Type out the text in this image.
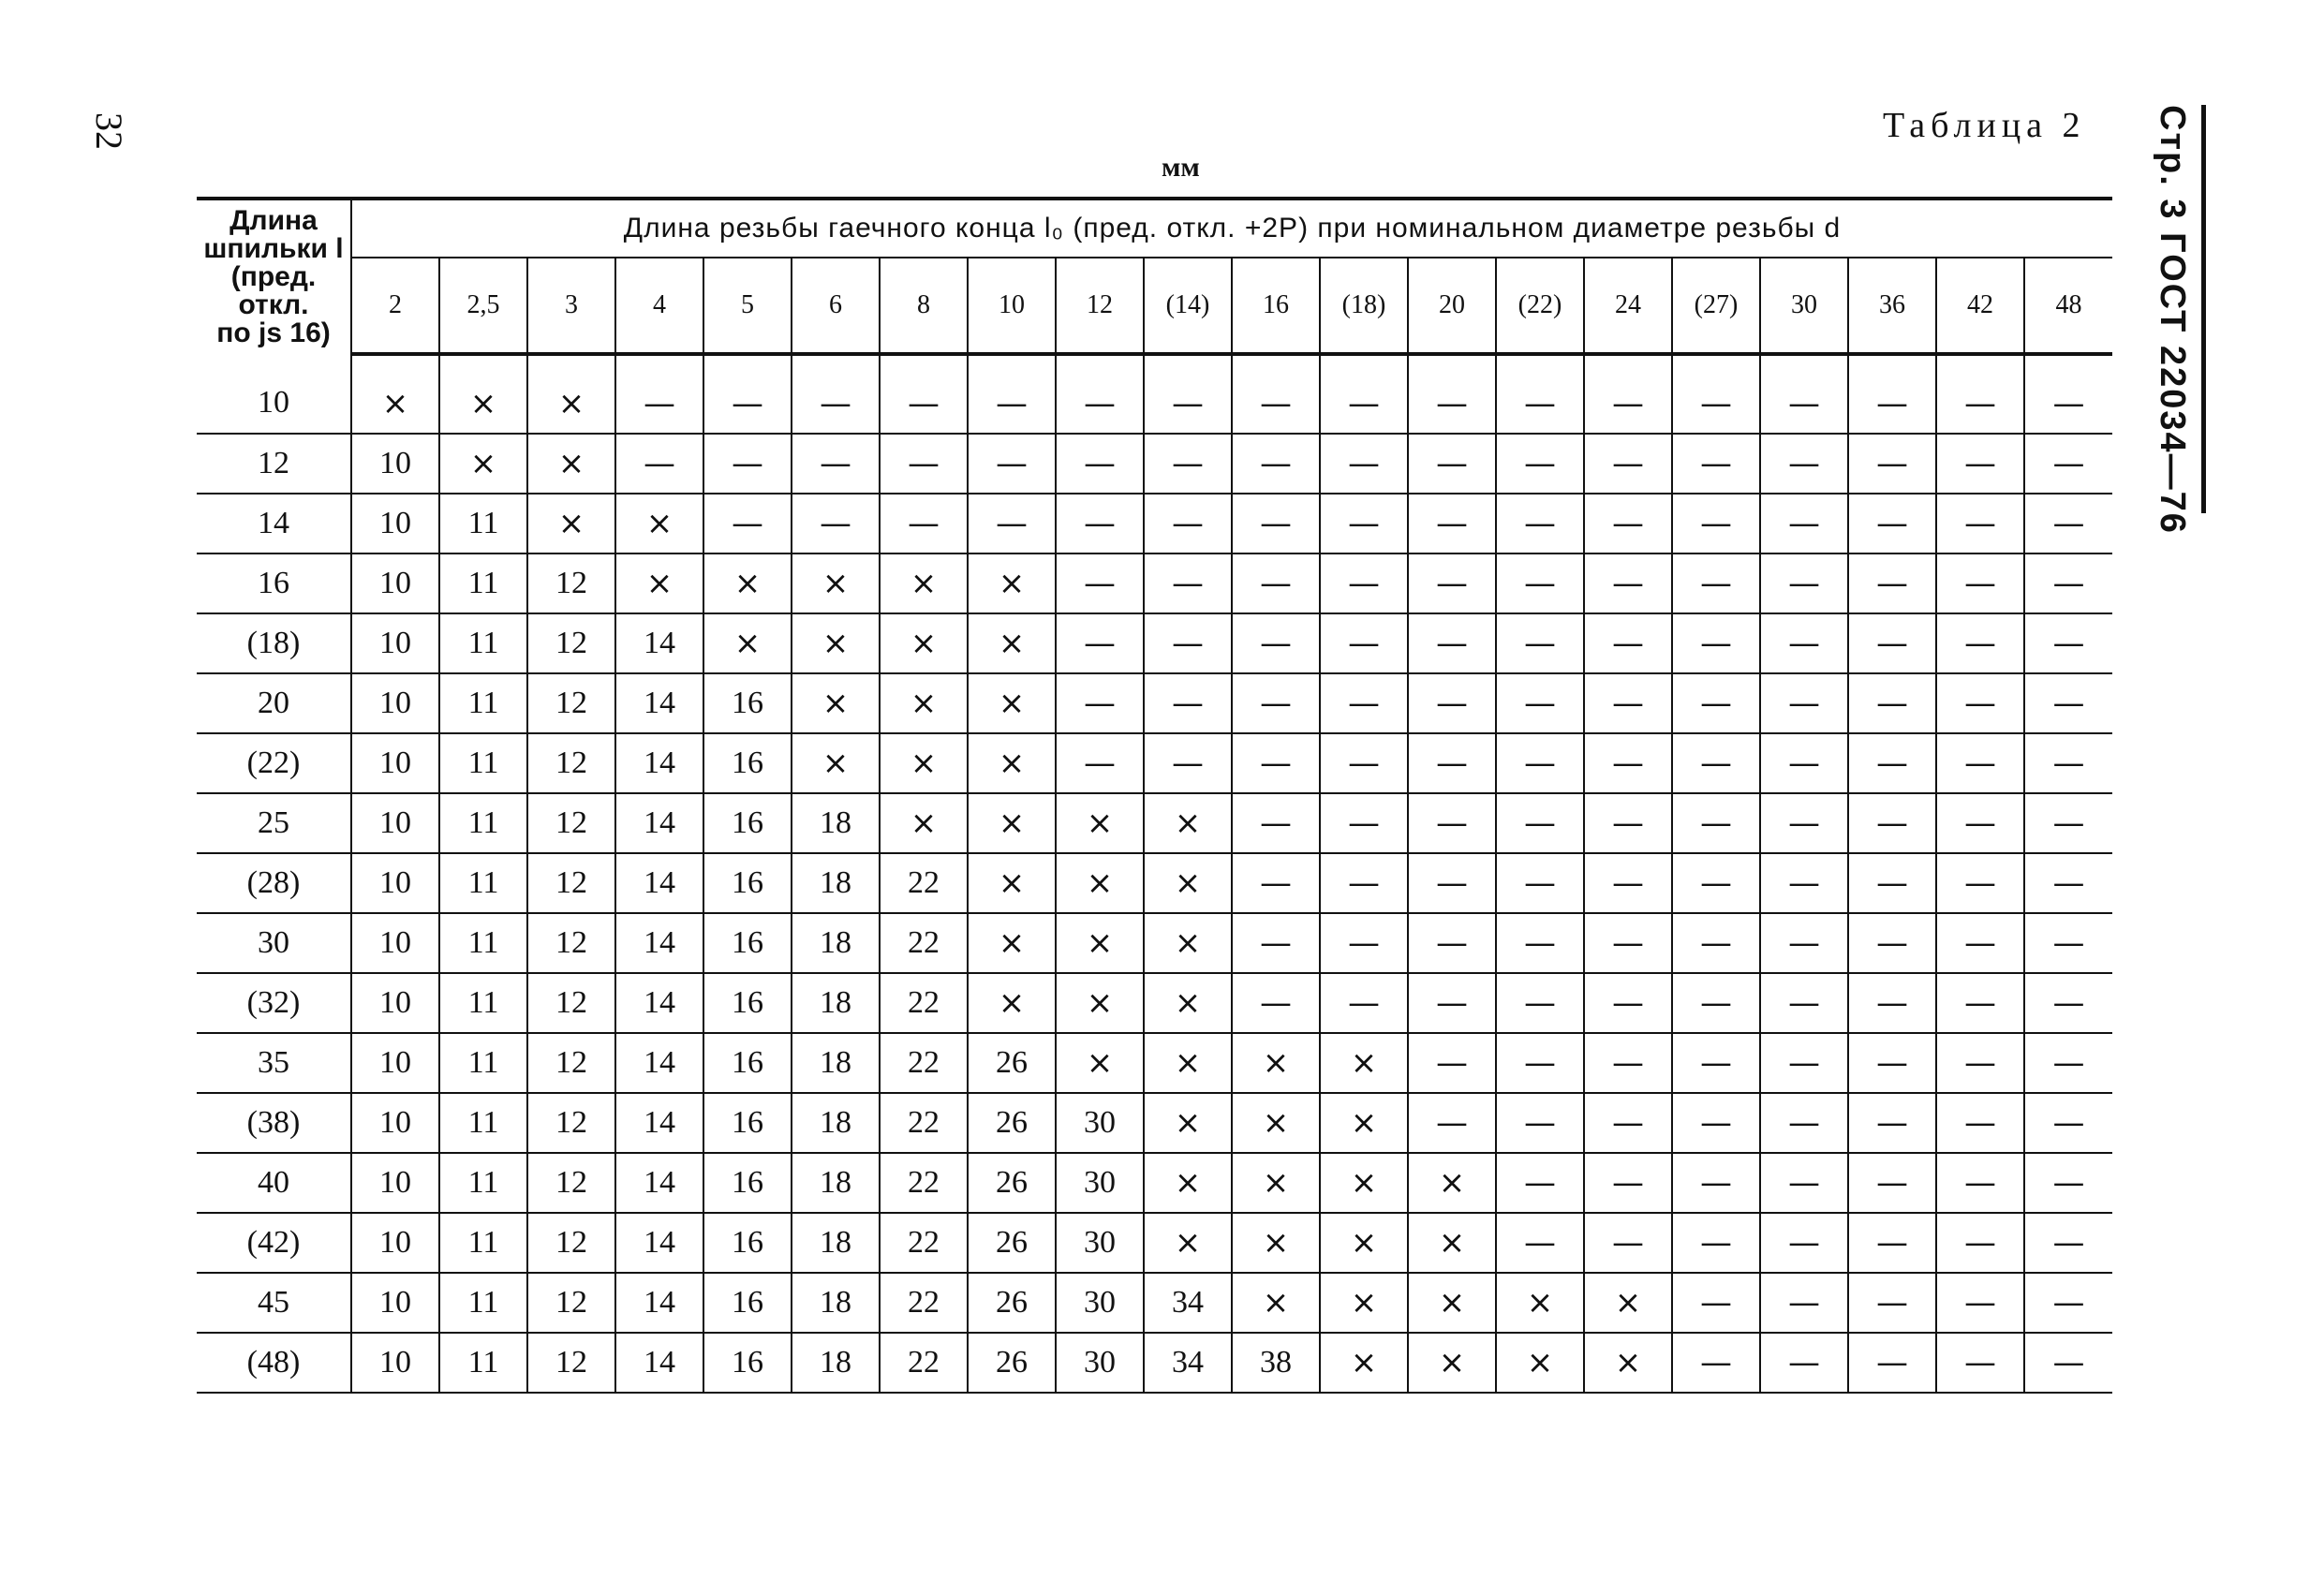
32	Стр. 3 ГОСТ 22034—76
Таблица 2
мм
Длина
шпильки l
(пред.
откл.
по js 16)	Длина резьбы гаечного конца l₀ (пред. откл. +2P) при номинальном диаметре резьбы d																			
	2	2,5	3	4	5	6	8	10	12	(14)	16	(18)	20	(22)	24	(27)	30	36	42	48
10	×	×	×	—	—	—	—	—	—	—	—	—	—	—	—	—	—	—	—	—
12	10	×	×	—	—	—	—	—	—	—	—	—	—	—	—	—	—	—	—	—
14	10	11	×	×	—	—	—	—	—	—	—	—	—	—	—	—	—	—	—	—
16	10	11	12	×	×	×	×	×	—	—	—	—	—	—	—	—	—	—	—	—
(18)	10	11	12	14	×	×	×	×	—	—	—	—	—	—	—	—	—	—	—	—
20	10	11	12	14	16	×	×	×	—	—	—	—	—	—	—	—	—	—	—	—
(22)	10	11	12	14	16	×	×	×	—	—	—	—	—	—	—	—	—	—	—	—
25	10	11	12	14	16	18	×	×	×	×	—	—	—	—	—	—	—	—	—	—
(28)	10	11	12	14	16	18	22	×	×	×	—	—	—	—	—	—	—	—	—	—
30	10	11	12	14	16	18	22	×	×	×	—	—	—	—	—	—	—	—	—	—
(32)	10	11	12	14	16	18	22	×	×	×	—	—	—	—	—	—	—	—	—	—
35	10	11	12	14	16	18	22	26	×	×	×	×	—	—	—	—	—	—	—	—
(38)	10	11	12	14	16	18	22	26	30	×	×	×	—	—	—	—	—	—	—	—
40	10	11	12	14	16	18	22	26	30	×	×	×	×	—	—	—	—	—	—	—
(42)	10	11	12	14	16	18	22	26	30	×	×	×	×	—	—	—	—	—	—	—
45	10	11	12	14	16	18	22	26	30	34	×	×	×	×	×	—	—	—	—	—
(48)	10	11	12	14	16	18	22	26	30	34	38	×	×	×	×	—	—	—	—	—
